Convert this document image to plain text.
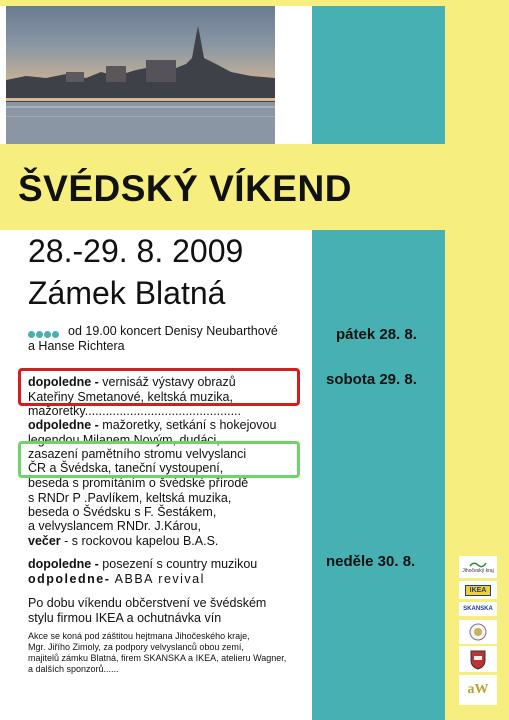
ŠVÉDSKÝ VÍKEND
28.-29. 8. 2009
Zámek Blatná
pátek 28. 8.
sobota 29. 8.
neděle 30. 8.
od 19.00 koncert Denisy Neubarthové
a Hanse Richtera
dopoledne - vernisáž výstavy obrazů
Kateřiny Smetanové, keltská muzika,
mažoretky.............................................
odpoledne - mažoretky, setkání s hokejovou
legendou Milanem Novým, dudáci,
zasazení pamětního stromu velvyslanci
ČR a Švédska, taneční vystoupení,
beseda s promítáním o švédské přírodě
s RNDr P .Pavlíkem, keltská muzika,
beseda o Švédsku s F. Šestákem,
a velvyslancem RNDr. J.Károu,
večer - s rockovou kapelou B.A.S.
dopoledne - posezení s country muzikou
odpoledne- ABBA revival
Po dobu víkendu občerstvení ve švédském
stylu firmou IKEA a ochutnávka vín
Akce se koná pod záštitou hejtmana Jihočeského kraje,
Mgr. Jiřího Zimoly, za podpory velvyslanců obou zemí,
majitelů zámku Blatná, firem SKANSKA a IKEA, atelieru Wagner,
a dalších sponzorů......
Jihočeský kraj
IKEA
SKANSKA
aW
